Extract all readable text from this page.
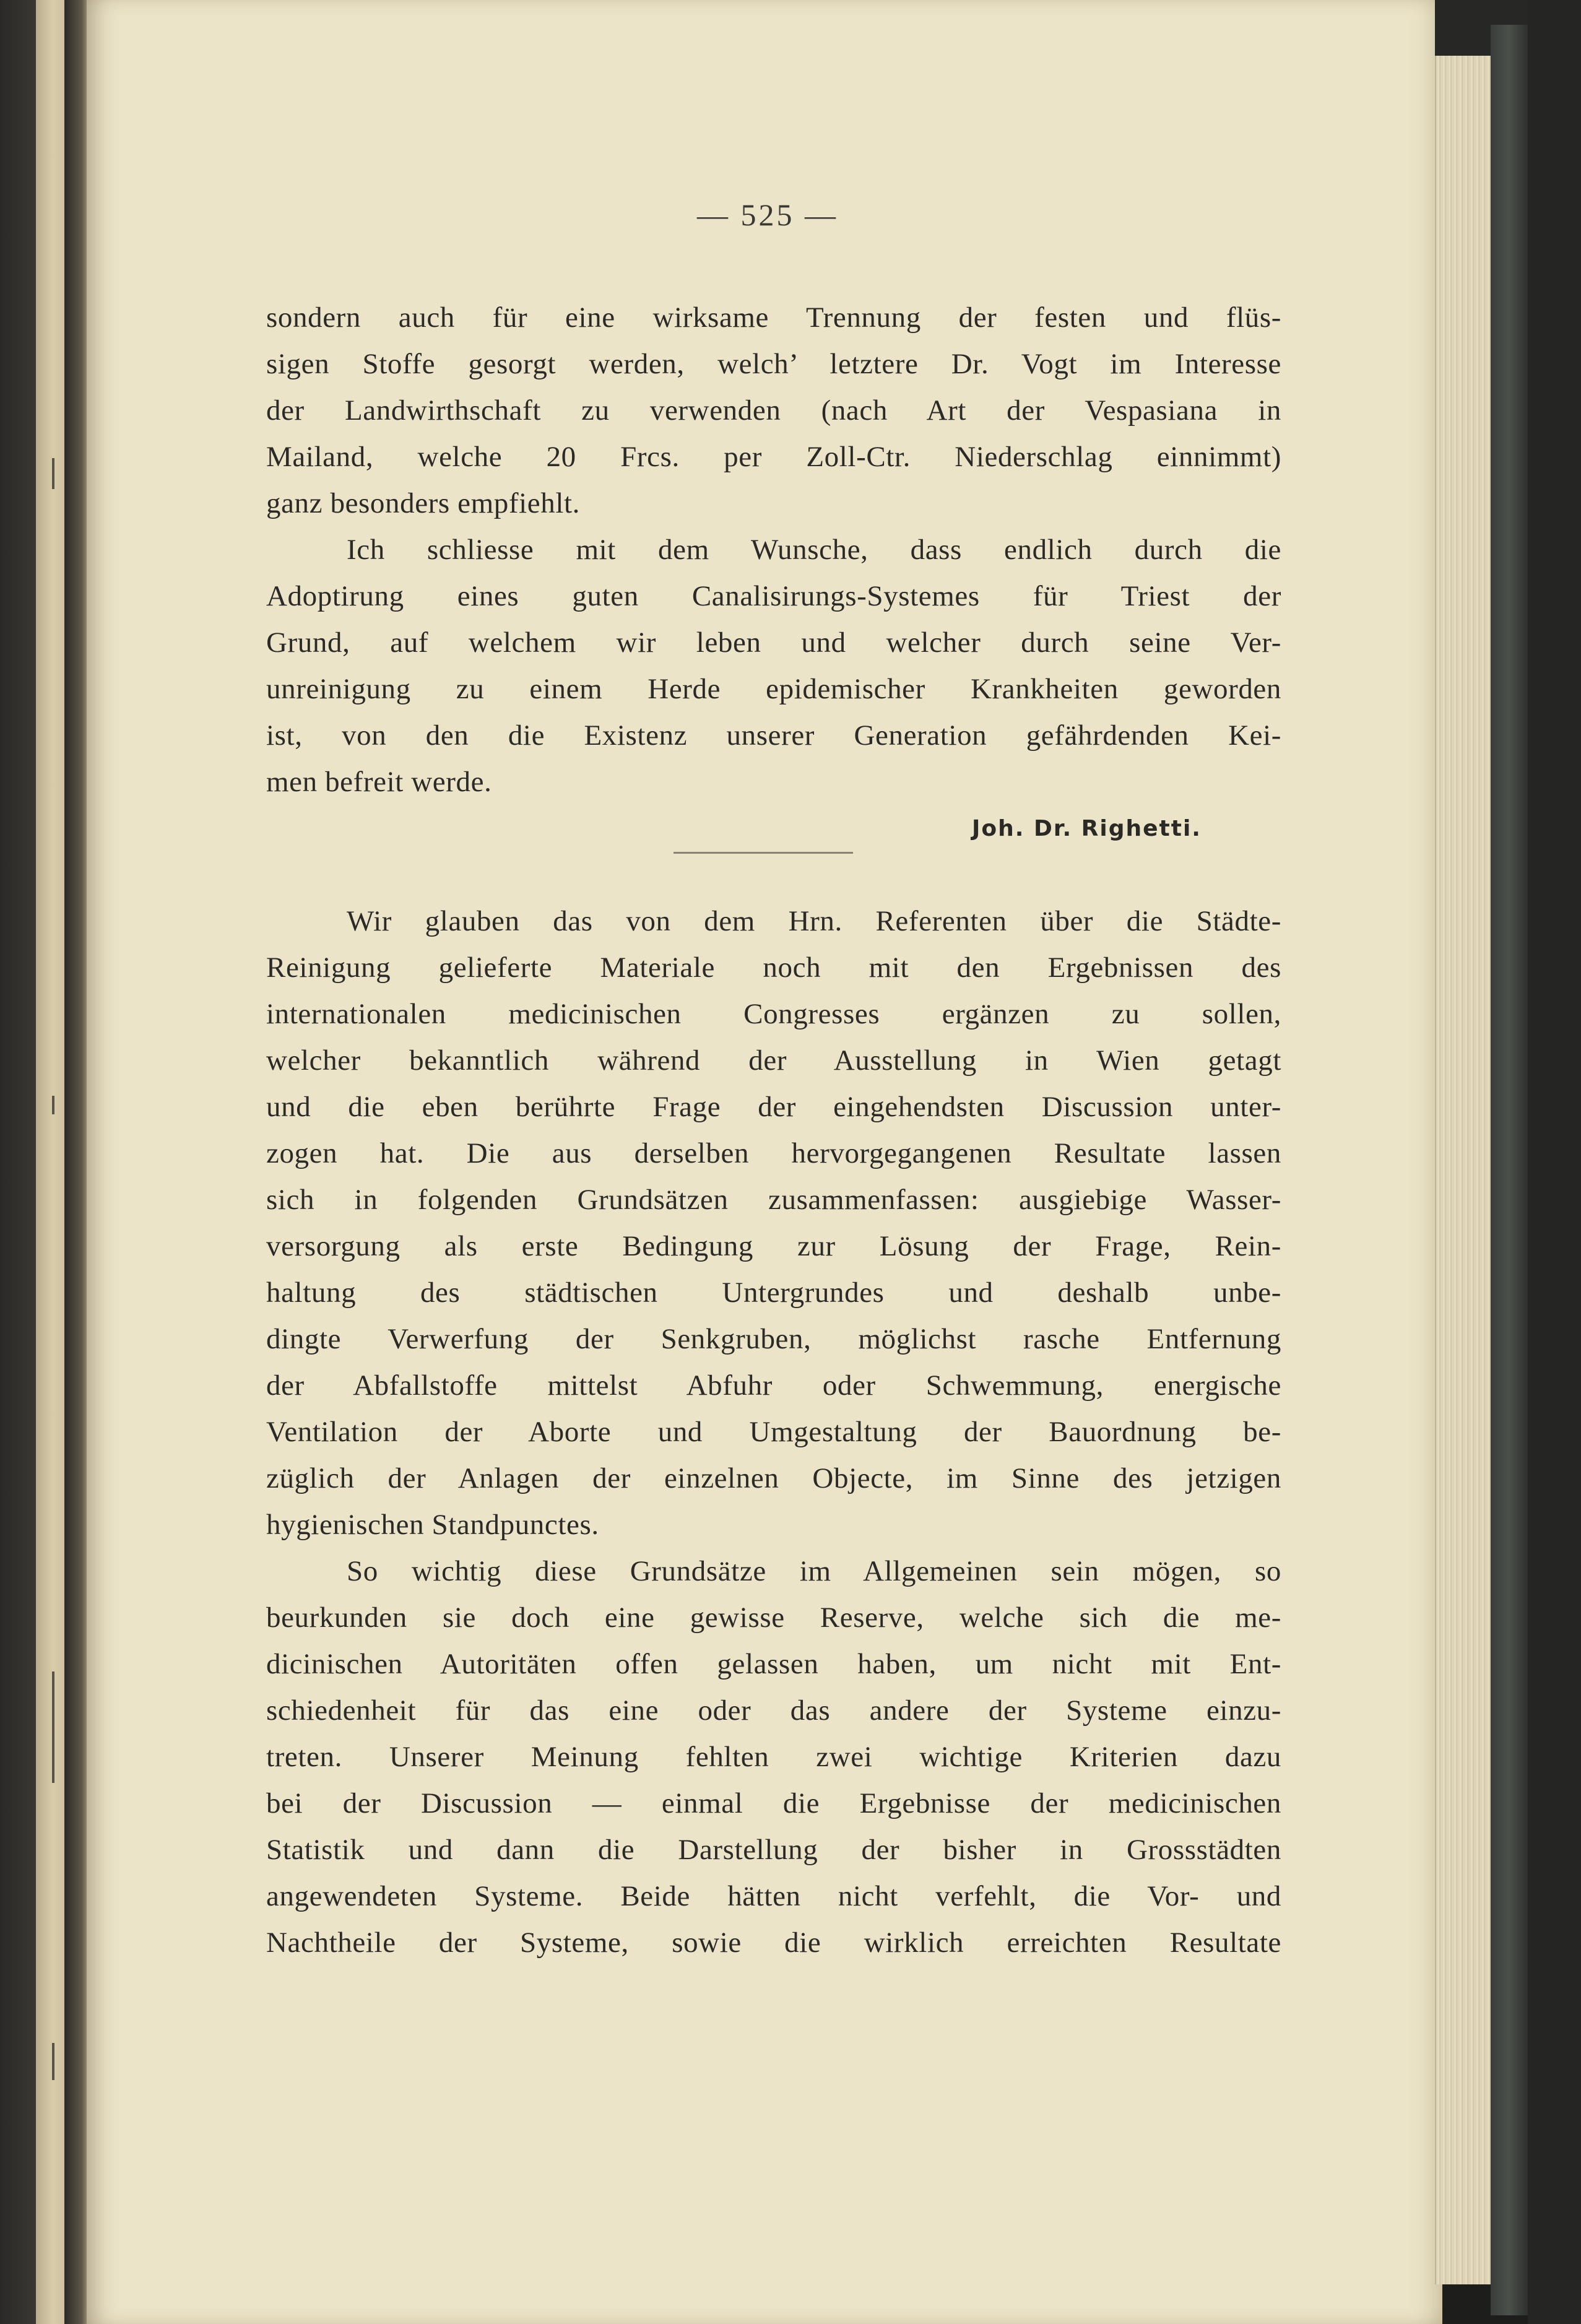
— 525 —
sondern auch für eine wirksame Trennung der festen und flüs-
sigen Stoffe gesorgt werden, welch’ letztere Dr. Vogt im Interesse
der Landwirthschaft zu verwenden (nach Art der Vespasiana in
Mailand, welche 20 Frcs. per Zoll-Ctr. Niederschlag einnimmt)
ganz besonders empfiehlt.
Ich schliesse mit dem Wunsche, dass endlich durch die
Adoptirung eines guten Canalisirungs-Systemes für Triest der
Grund, auf welchem wir leben und welcher durch seine Ver-
unreinigung zu einem Herde epidemischer Krankheiten geworden
ist, von den die Existenz unserer Generation gefährdenden Kei-
men befreit werde.
Joh. Dr. Righetti.
Wir glauben das von dem Hrn. Referenten über die Städte-
Reinigung gelieferte Materiale noch mit den Ergebnissen des
internationalen medicinischen Congresses ergänzen zu sollen,
welcher bekanntlich während der Ausstellung in Wien getagt
und die eben berührte Frage der eingehendsten Discussion unter-
zogen hat. Die aus derselben hervorgegangenen Resultate lassen
sich in folgenden Grundsätzen zusammenfassen: ausgiebige Wasser-
versorgung als erste Bedingung zur Lösung der Frage, Rein-
haltung des städtischen Untergrundes und deshalb unbe-
dingte Verwerfung der Senkgruben, möglichst rasche Entfernung
der Abfallstoffe mittelst Abfuhr oder Schwemmung, energische
Ventilation der Aborte und Umgestaltung der Bauordnung be-
züglich der Anlagen der einzelnen Objecte, im Sinne des jetzigen
hygienischen Standpunctes.
So wichtig diese Grundsätze im Allgemeinen sein mögen, so
beurkunden sie doch eine gewisse Reserve, welche sich die me-
dicinischen Autoritäten offen gelassen haben, um nicht mit Ent-
schiedenheit für das eine oder das andere der Systeme einzu-
treten. Unserer Meinung fehlten zwei wichtige Kriterien dazu
bei der Discussion — einmal die Ergebnisse der medicinischen
Statistik und dann die Darstellung der bisher in Grossstädten
angewendeten Systeme. Beide hätten nicht verfehlt, die Vor- und
Nachtheile der Systeme, sowie die wirklich erreichten Resultate
